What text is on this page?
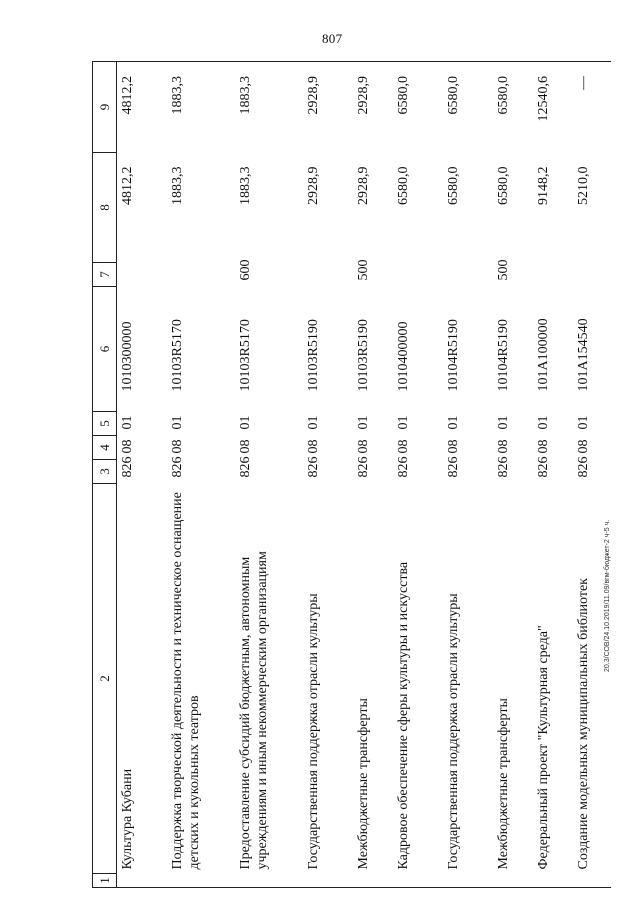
807
1	2	3	4	5	6	7	8	9
	Культура Кубани	826	08	01	1010300000		4812,2	4812,2
	Поддержка творческой деятельности и техническое оснащение детских и кукольных театров	826	08	01	10103R5170		1883,3	1883,3
	Предоставление субсидий бюджетным, автономным учреждениям и иным некоммерческим организациям	826	08	01	10103R5170	600	1883,3	1883,3
	Государственная поддержка отрасли культуры	826	08	01	10103R5190		2928,9	2928,9
	Межбюджетные трансферты	826	08	01	10103R5190	500	2928,9	2928,9
	Кадровое обеспечение сферы культуры и искусства	826	08	01	1010400000		6580,0	6580,0
	Государственная поддержка отрасли культуры	826	08	01	10104R5190		6580,0	6580,0
	Межбюджетные трансферты	826	08	01	10104R5190	500	6580,0	6580,0
	Федеральный проект "Культурная среда"	826	08	01	101A100000		9148,2	12540,6
	Создание модельных муниципальных библиотек	826	08	01	101A154540		5210,0	—
20.3/СОВ/24.10.2019/11.09/вгм-бюджет-2 ч-5 ч.
